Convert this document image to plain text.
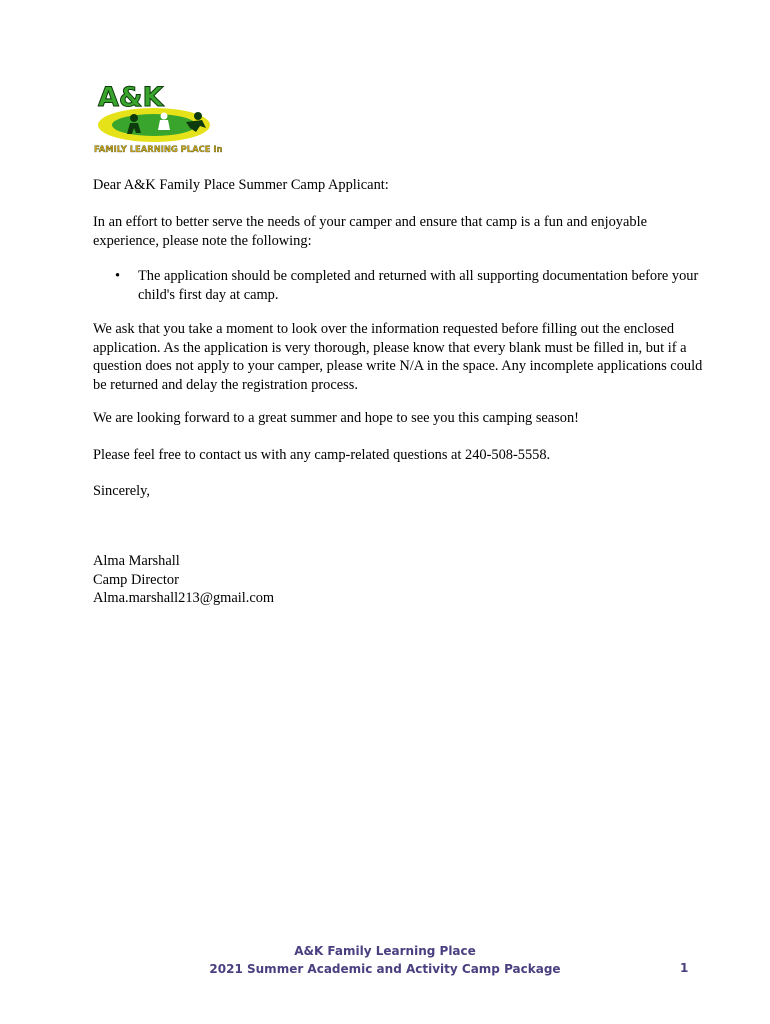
A&K
FAMILY LEARNING PLACE Inc.
Dear A&K Family Place Summer Camp Applicant:
In an effort to better serve the needs of your camper and ensure that camp is a fun and enjoyable experience, please note the following:
• The application should be completed and returned with all supporting documentation before your child's first day at camp.
We ask that you take a moment to look over the information requested before filling out the enclosed application. As the application is very thorough, please know that every blank must be filled in, but if a question does not apply to your camper, please write N/A in the space. Any incomplete applications could be returned and delay the registration process.
We are looking forward to a great summer and hope to see you this camping season!
Please feel free to contact us with any camp-related questions at 240-508-5558.
Sincerely,
Alma Marshall
Camp Director
Alma.marshall213@gmail.com
A&K Family Learning Place
2021 Summer Academic and Activity Camp Package	1
